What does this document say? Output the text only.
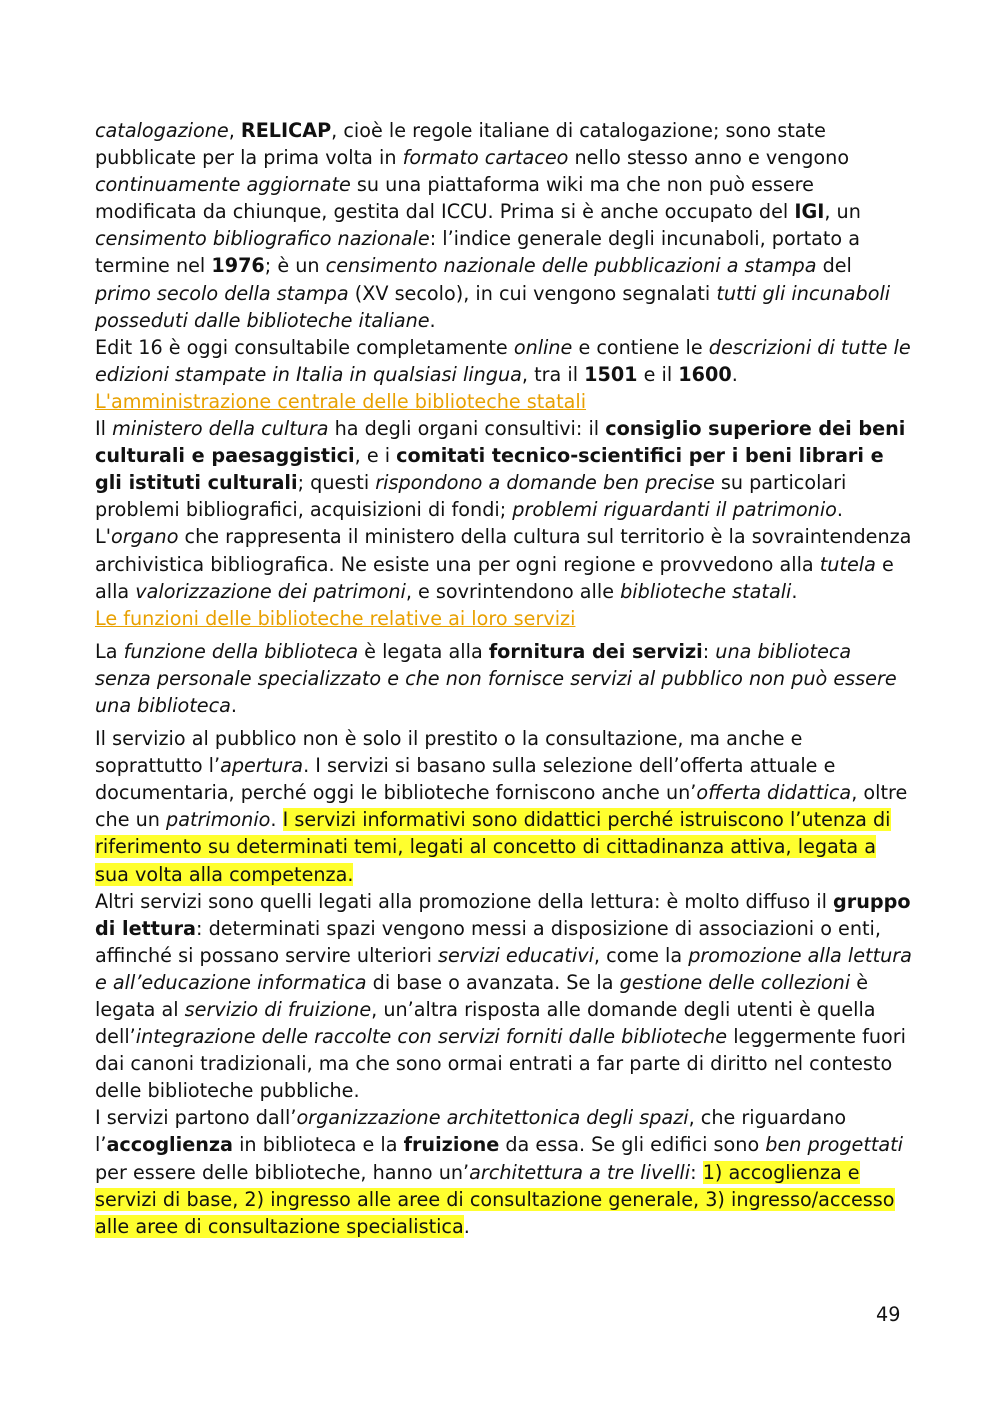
catalogazione, RELICAP, cioè le regole italiane di catalogazione; sono state pubblicate per la prima volta in formato cartaceo nello stesso anno e vengono continuamente aggiornate su una piattaforma wiki ma che non può essere modificata da chiunque, gestita dal ICCU. Prima si è anche occupato del IGI, un censimento bibliografico nazionale: l’indice generale degli incunaboli, portato a termine nel 1976; è un censimento nazionale delle pubblicazioni a stampa del primo secolo della stampa (XV secolo), in cui vengono segnalati tutti gli incunaboli posseduti dalle biblioteche italiane.

Edit 16 è oggi consultabile completamente online e contiene le descrizioni di tutte le edizioni stampate in Italia in qualsiasi lingua, tra il 1501 e il 1600.

L'amministrazione centrale delle biblioteche statali

Il ministero della cultura ha degli organi consultivi: il consiglio superiore dei beni culturali e paesaggistici, e i comitati tecnico-scientifici per i beni librari e gli istituti culturali; questi rispondono a domande ben precise su particolari problemi bibliografici, acquisizioni di fondi; problemi riguardanti il patrimonio.

L'organo che rappresenta il ministero della cultura sul territorio è la sovraintendenza archivistica bibliografica. Ne esiste una per ogni regione e provvedono alla tutela e alla valorizzazione dei patrimoni, e sovrintendono alle biblioteche statali.

Le funzioni delle biblioteche relative ai loro servizi

La funzione della biblioteca è legata alla fornitura dei servizi: una biblioteca senza personale specializzato e che non fornisce servizi al pubblico non può essere una biblioteca.

Il servizio al pubblico non è solo il prestito o la consultazione, ma anche e soprattutto l’apertura. I servizi si basano sulla selezione dell’offerta attuale e documentaria, perché oggi le biblioteche forniscono anche un’offerta didattica, oltre che un patrimonio. I servizi informativi sono didattici perché istruiscono l’utenza di riferimento su determinati temi, legati al concetto di cittadinanza attiva, legata a sua volta alla competenza.

Altri servizi sono quelli legati alla promozione della lettura: è molto diffuso il gruppo di lettura: determinati spazi vengono messi a disposizione di associazioni o enti, affinché si possano servire ulteriori servizi educativi, come la promozione alla lettura e all’educazione informatica di base o avanzata. Se la gestione delle collezioni è legata al servizio di fruizione, un’altra risposta alle domande degli utenti è quella dell’integrazione delle raccolte con servizi forniti dalle biblioteche leggermente fuori dai canoni tradizionali, ma che sono ormai entrati a far parte di diritto nel contesto delle biblioteche pubbliche.

I servizi partono dall’organizzazione architettonica degli spazi, che riguardano l’accoglienza in biblioteca e la fruizione da essa. Se gli edifici sono ben progettati per essere delle biblioteche, hanno un’architettura a tre livelli: 1) accoglienza e servizi di base, 2) ingresso alle aree di consultazione generale, 3) ingresso/accesso alle aree di consultazione specialistica.

49
